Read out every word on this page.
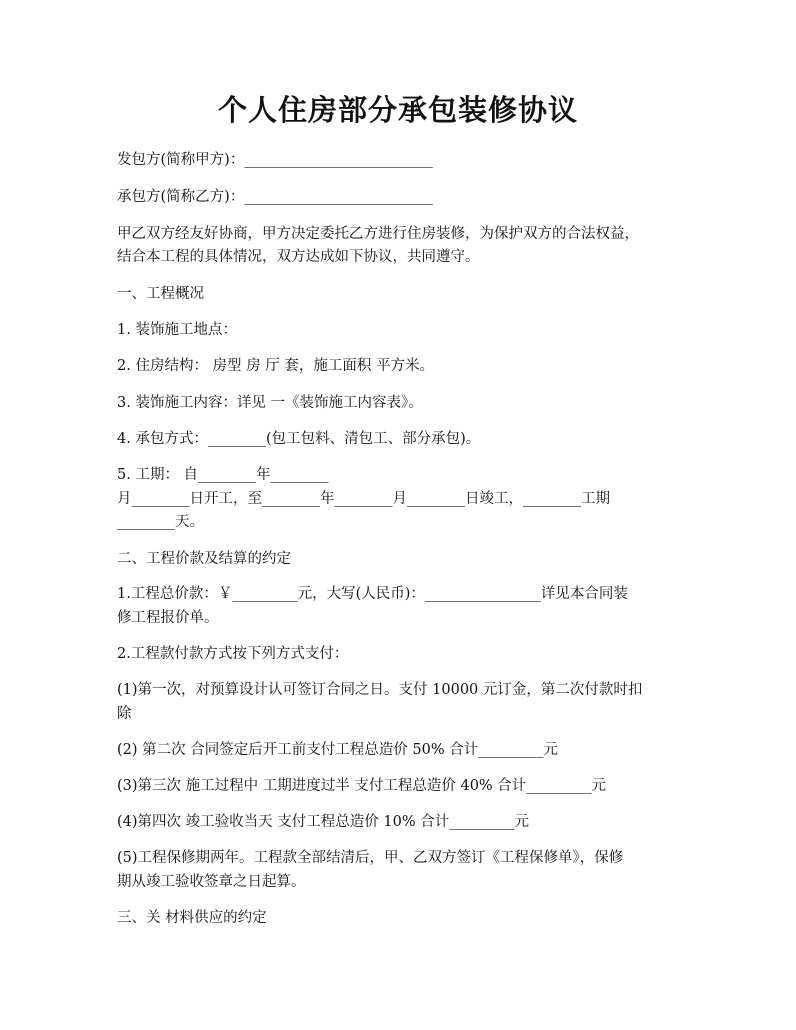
个人住房部分承包装修协议
发包方(简称甲方)：__________________________
承包方(简称乙方)：__________________________
甲乙双方经友好协商，甲方决定委托乙方进行住房装修，为保护双方的合法权益，
结合本工程的具体情况，双方达成如下协议，共同遵守。
一、工程概况
1. 装饰施工地点：
2. 住房结构： 房型 房 厅 套，施工面积 平方米。
3. 装饰施工内容：详见 一《装饰施工内容表》。
4. 承包方式：________(包工包料、清包工、部分承包)。
5. 工期： 自________年________
月________日开工，至________年________月________日竣工，________工期
________天。
二、工程价款及结算的约定
1.工程总价款：￥_________元，大写(人民币)：________________详见本合同装
修工程报价单。
2.工程款付款方式按下列方式支付：
(1)第一次，对预算设计认可签订合同之日。支付 10000 元订金，第二次付款时扣
除
(2) 第二次 合同签定后开工前支付工程总造价 50% 合计_________元
(3)第三次 施工过程中 工期进度过半 支付工程总造价 40% 合计_________元
(4)第四次 竣工验收当天 支付工程总造价 10% 合计_________元
(5)工程保修期两年。工程款全部结清后，甲、乙双方签订《工程保修单》，保修
期从竣工验收签章之日起算。
三、关 材料供应的约定
